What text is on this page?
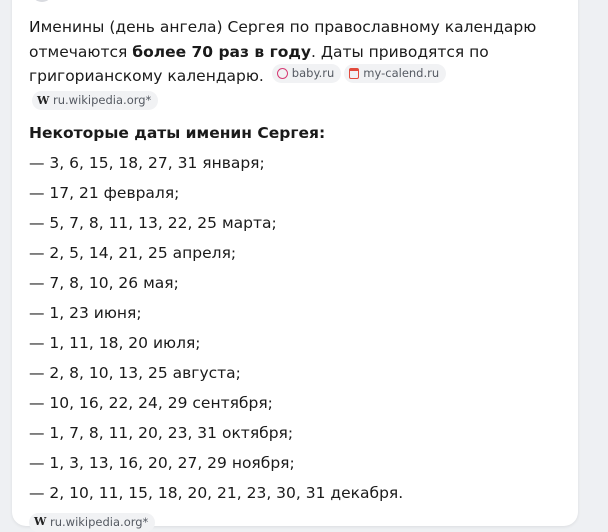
Именины (день ангела) Сергея по православному календарю отмечаются более 70 раз в году. Даты приводятся по григорианскому календарю. baby.ru	my-calend.ru
W ru.wikipedia.org*

Некоторые даты именин Сергея:
— 3, 6, 15, 18, 27, 31 января;
— 17, 21 февраля;
— 5, 7, 8, 11, 13, 22, 25 марта;
— 2, 5, 14, 21, 25 апреля;
— 7, 8, 10, 26 мая;
— 1, 23 июня;
— 1, 11, 18, 20 июля;
— 2, 8, 10, 13, 25 августа;
— 10, 16, 22, 24, 29 сентября;
— 1, 7, 8, 11, 20, 23, 31 октября;
— 1, 3, 13, 16, 20, 27, 29 ноября;
— 2, 10, 11, 15, 18, 20, 21, 23, 30, 31 декабря.
W ru.wikipedia.org*
